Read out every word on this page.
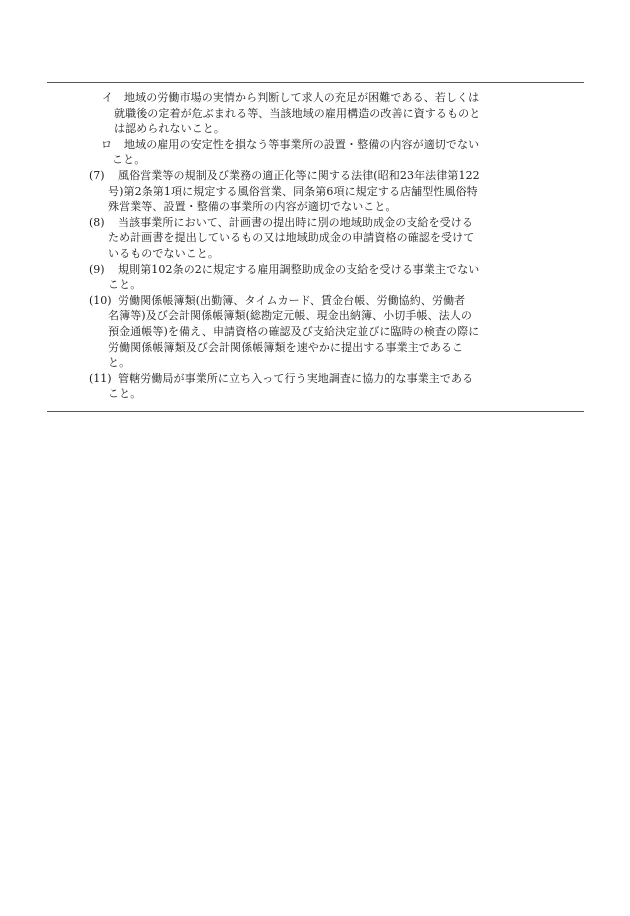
イ 地域の労働市場の実情から判断して求人の充足が困難である、若しくは
就職後の定着が危ぶまれる等、当該地域の雇用構造の改善に資するものと
は認められないこと。
ロ 地域の雇用の安定性を損なう等事業所の設置・整備の内容が適切でない
こと。
(7) 風俗営業等の規制及び業務の適正化等に関する法律(昭和23年法律第122
号)第2条第1項に規定する風俗営業、同条第6項に規定する店舗型性風俗特
殊営業等、設置・整備の事業所の内容が適切でないこと。
(8) 当該事業所において、計画書の提出時に別の地域助成金の支給を受ける
ため計画書を提出しているもの又は地域助成金の申請資格の確認を受けて
いるものでないこと。
(9) 規則第102条の2に規定する雇用調整助成金の支給を受ける事業主でない
こと。
(10) 労働関係帳簿類(出勤簿、タイムカード、賃金台帳、労働協約、労働者
名簿等)及び会計関係帳簿類(総勘定元帳、現金出納簿、小切手帳、法人の
預金通帳等)を備え、申請資格の確認及び支給決定並びに臨時の検査の際に
労働関係帳簿類及び会計関係帳簿類を速やかに提出する事業主であるこ
と。
(11) 管轄労働局が事業所に立ち入って行う実地調査に協力的な事業主である
こと。
